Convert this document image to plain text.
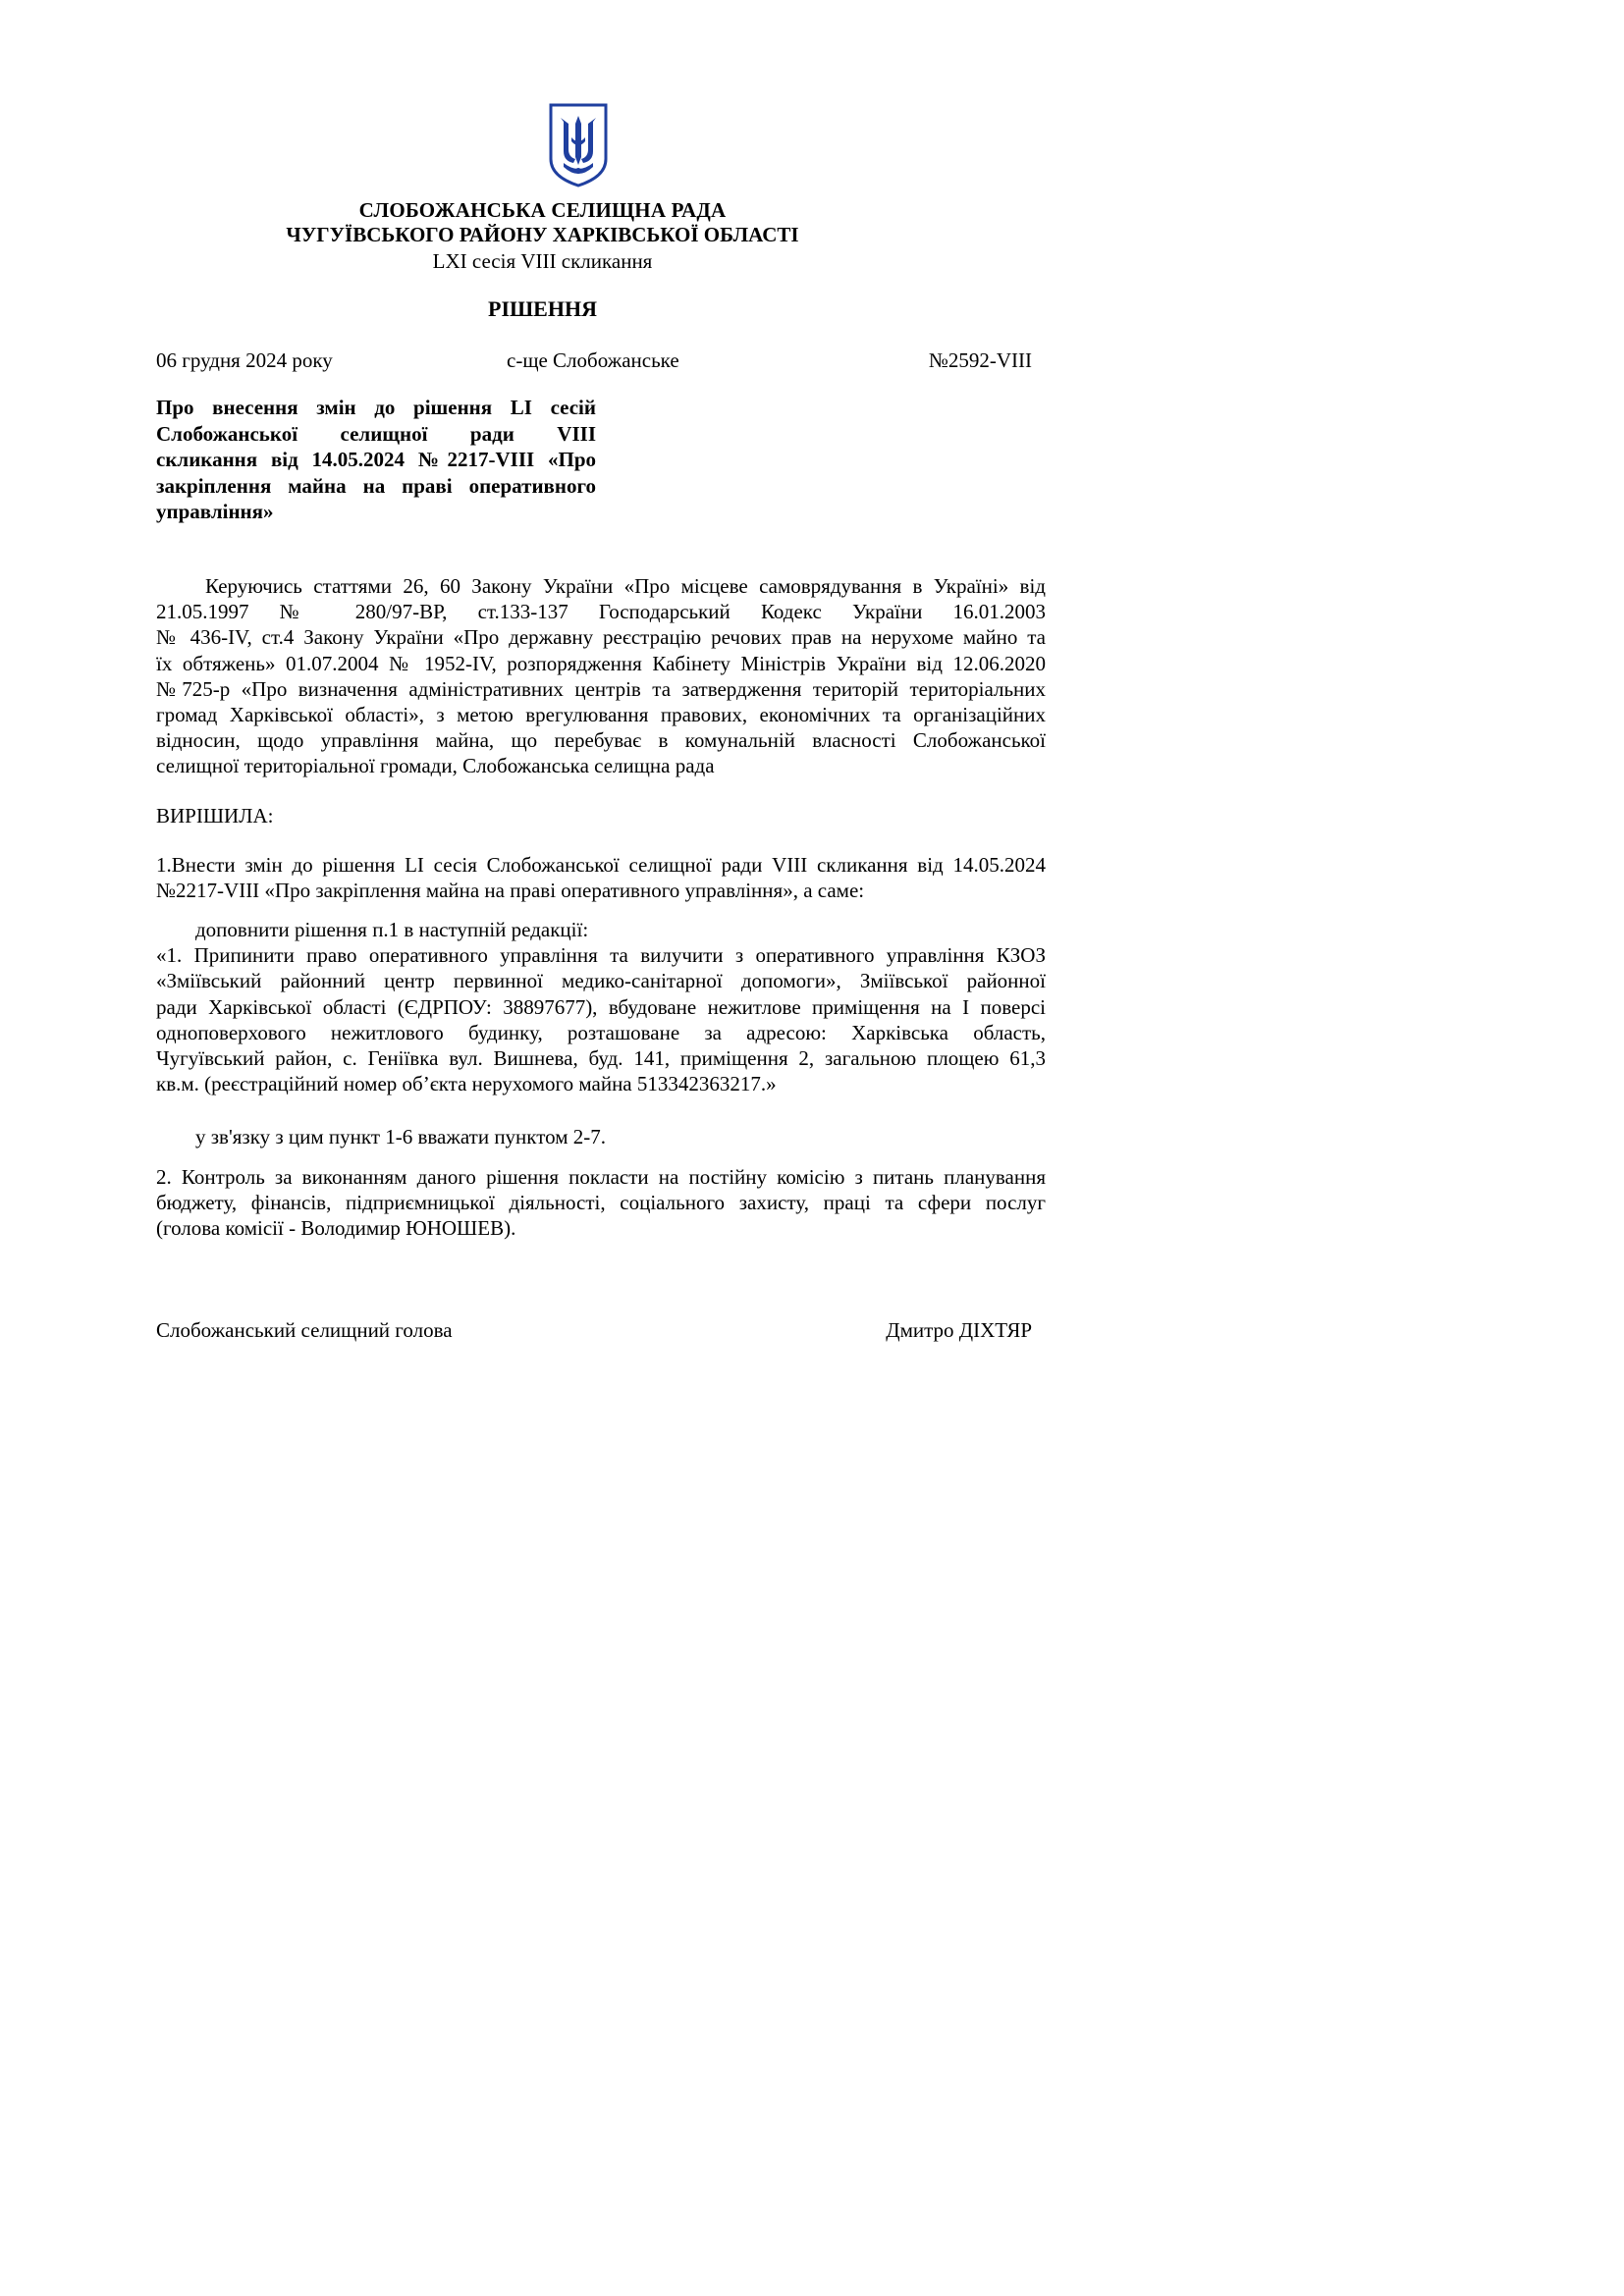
СЛОБОЖАНСЬКА СЕЛИЩНА РАДА
ЧУГУЇВСЬКОГО РАЙОНУ ХАРКІВСЬКОЇ ОБЛАСТІ
LXI сесія VIII скликання
РІШЕННЯ
06 грудня 2024 року	с-ще Слобожанське	№2592-VIII
Про внесення змін до рішення LI сесій
Слобожанської селищної ради VIII
скликання від 14.05.2024 №2217-VIII «Про
закріплення майна на праві оперативного
управління»
Керуючись статтями 26, 60 Закону України «Про місцеве самоврядування в Україні» від
21.05.1997 № 280/97-ВР, ст.133-137 Господарський Кодекс України 16.01.2003
№ 436-IV, ст.4 Закону України «Про державну реєстрацію речових прав на нерухоме майно та
їх обтяжень» 01.07.2004 № 1952-IV, розпорядження Кабінету Міністрів України від 12.06.2020
№725-р «Про визначення адміністративних центрів та затвердження територій територіальних
громад Харківської області», з метою врегулювання правових, економічних та організаційних
відносин, щодо управління майна, що перебуває в комунальній власності Слобожанської
селищної територіальної громади, Слобожанська селищна рада
ВИРІШИЛА:
1.Внести змін до рішення LI сесія Слобожанської селищної ради VIII скликання від 14.05.2024
№2217-VIII «Про закріплення майна на праві оперативного управління», а саме:
доповнити рішення п.1 в наступній редакції:
«1. Припинити право оперативного управління та вилучити з оперативного управління КЗОЗ
«Зміївський районний центр первинної медико-санітарної допомоги», Зміївської районної
ради Харківської області (ЄДРПОУ: 38897677), вбудоване нежитлове приміщення на I поверсі
одноповерхового нежитлового будинку, розташоване за адресою: Харківська область,
Чугуївський район, с. Геніївка вул. Вишнева, буд. 141, приміщення 2, загальною площею 61,3
кв.м. (реєстраційний номер об’єкта нерухомого майна 513342363217.»
у зв'язку з цим пункт 1-6 вважати пунктом 2-7.
2. Контроль за виконанням даного рішення покласти на постійну комісію з питань планування
бюджету, фінансів, підприємницької діяльності, соціального захисту, праці та сфери послуг
(голова комісії - Володимир ЮНОШЕВ).
Слобожанський селищний голова	Дмитро ДІХТЯР
